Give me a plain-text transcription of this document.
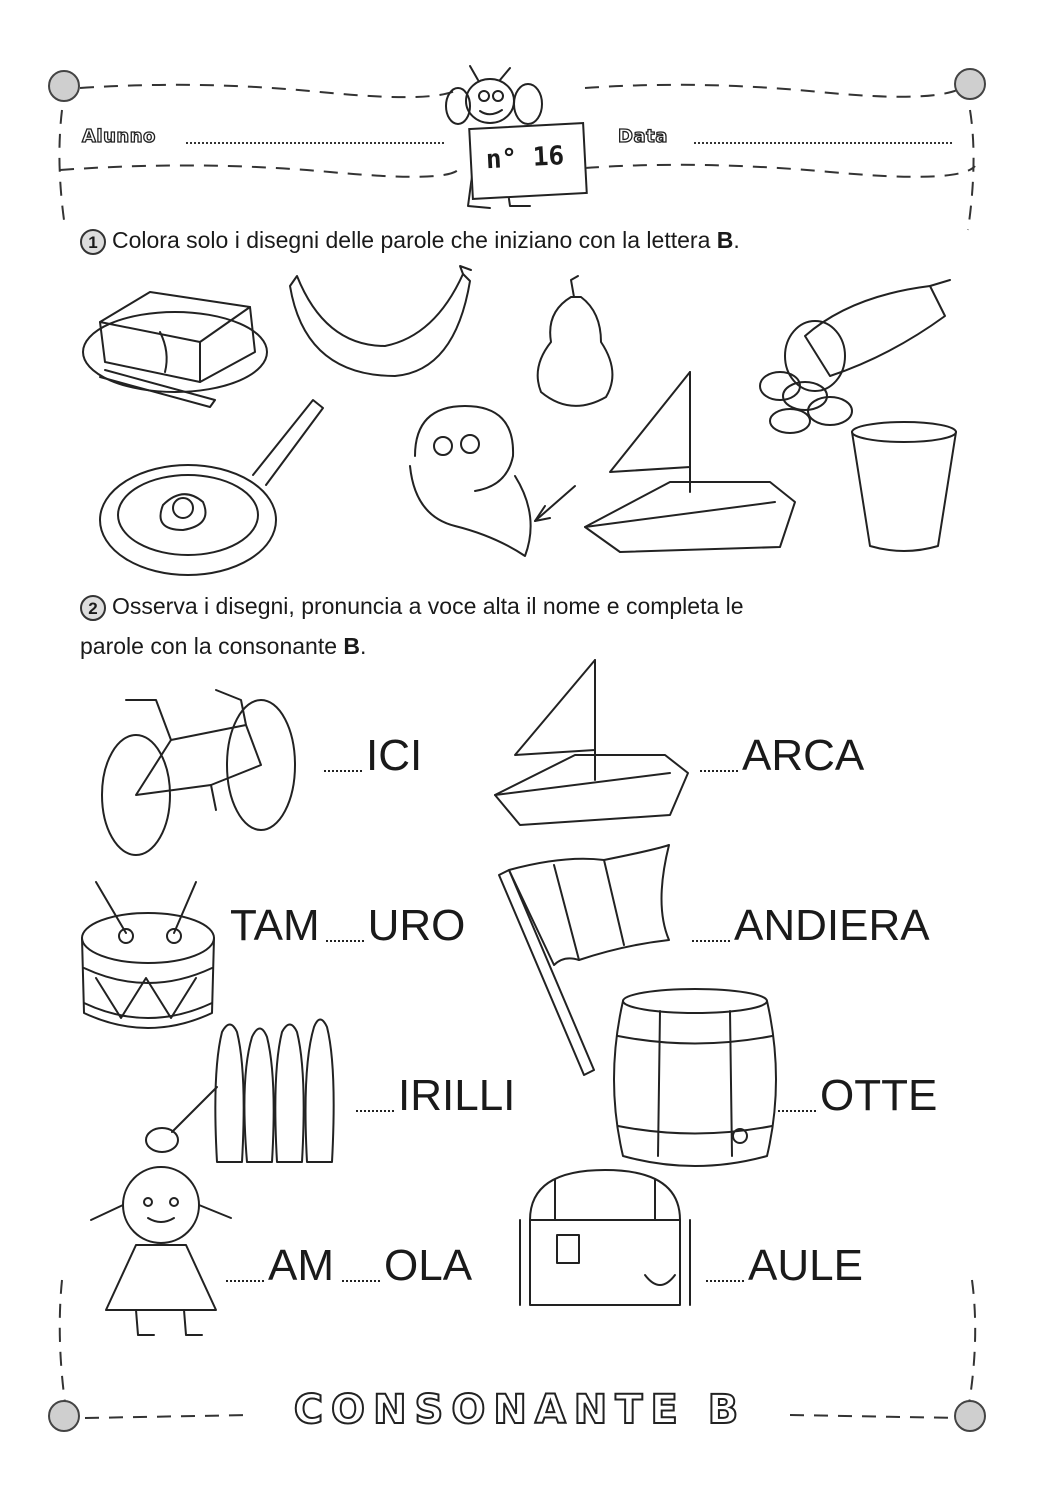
Alunno	Data
n° 16
1 Colora solo i disegni delle parole che iniziano con la lettera B.
2 Osserva i disegni, pronuncia a voce alta il nome e completa le
parole con la consonante B.
ICI	ARCA
TAM URO	ANDIERA
IRILLI	OTTE
AM OLA	AULE
CONSONANTE B
